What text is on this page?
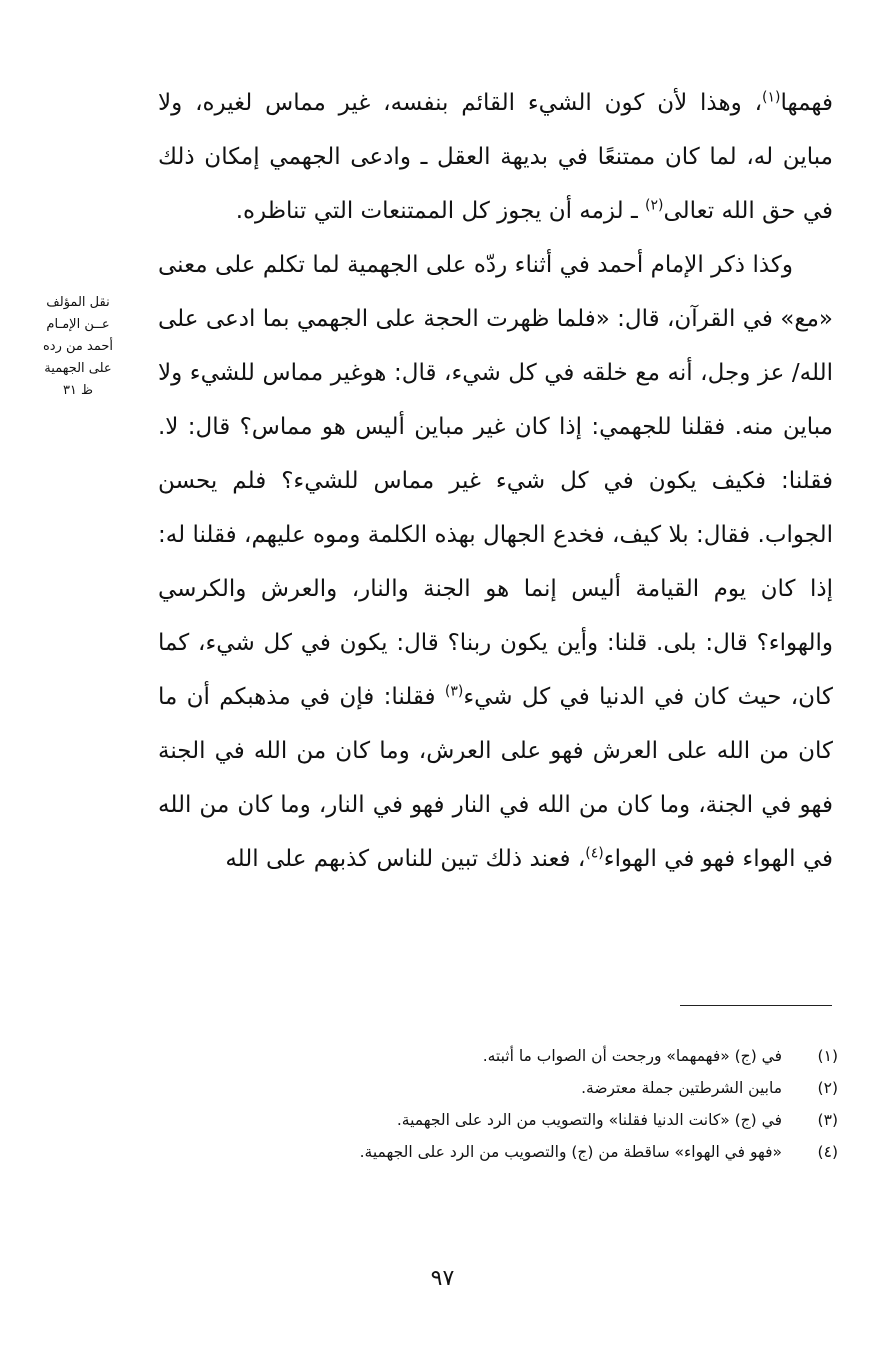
نقل المؤلف
عــن الإمـام
أحمد من رده
على الجهمية
ظ ٣١

فهمها$^{(١)}$، وهذا لأن كون الشيء القائم بنفسه، غير مماس لغيره، ولا مباين له، لما كان ممتنعًا في بديهة العقل ـ وادعى الجهمي إمكان ذلك في حق الله تعالى$^{(٢)}$ ـ لزمه أن يجوز كل الممتنعات التي تناظره.

وكذا ذكر الإمام أحمد في أثناء ردّه على الجهمية لما تكلم على معنى «مع» في القرآن، قال: «فلما ظهرت الحجة على الجهمي بما ادعى على الله/ عز وجل، أنه مع خلقه في كل شيء، قال: هوغير مماس للشيء ولا مباين منه. فقلنا للجهمي: إذا كان غير مباين أليس هو مماس؟ قال: لا. فقلنا: فكيف يكون في كل شيء غير مماس للشيء؟ فلم يحسن الجواب. فقال: بلا كيف، فخدع الجهال بهذه الكلمة وموه عليهم، فقلنا له: إذا كان يوم القيامة أليس إنما هو الجنة والنار، والعرش والكرسي والهواء؟ قال: بلى. قلنا: وأين يكون ربنا؟ قال: يكون في كل شيء، كما كان، حيث كان في الدنيا في كل شيء$^{(٣)}$ فقلنا: فإن في مذهبكم أن ما كان من الله على العرش فهو على العرش، وما كان من الله في الجنة فهو في الجنة، وما كان من الله في النار فهو في النار، وما كان من الله في الهواء فهو في الهواء$^{(٤)}$، فعند ذلك تبين للناس كذبهم على الله

(١)
في (ج) «فهمهما» ورجحت أن الصواب ما أثبته.
(٢)
مابين الشرطتين جملة معترضة.
(٣)
في (ج) «كانت الدنيا فقلنا» والتصويب من الرد على الجهمية.
(٤)
«فهو في الهواء» ساقطة من (ج) والتصويب من الرد على الجهمية.
٩٧
